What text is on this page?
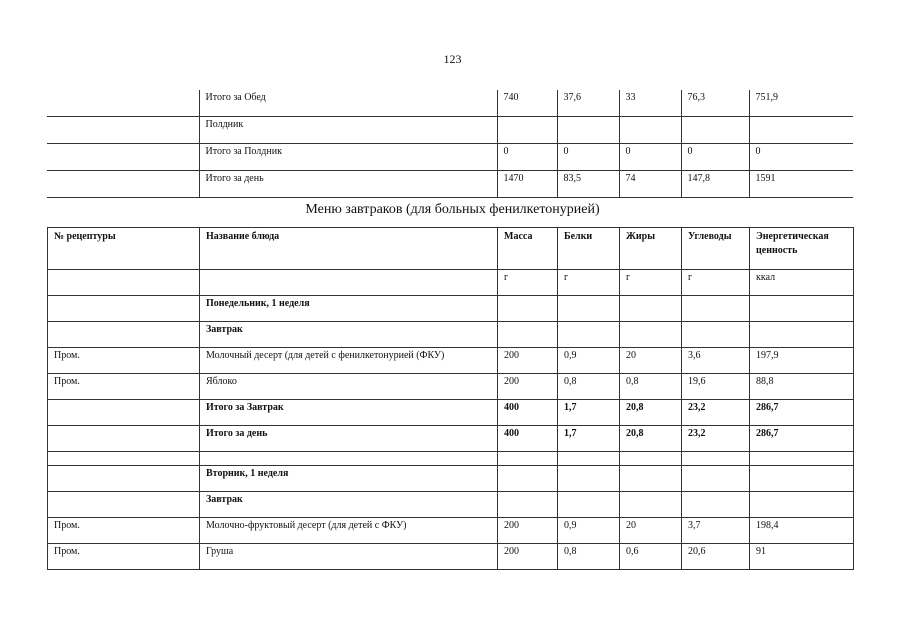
123
	Итого за Обед	740	37,6	33	76,3	751,9
	Полдник					
	Итого за Полдник	0	0	0	0	0
	Итого за день	1470	83,5	74	147,8	1591
Меню завтраков (для больных фенилкетонурией)
№ рецептуры	Название блюда	Масса	Белки	Жиры	Углеводы	Энергетическая ценность
		г	г	г	г	ккал
	Понедельник, 1 неделя					
	Завтрак					
Пром.	Молочный десерт (для детей с фенилкетонурией (ФКУ)	200	0,9	20	3,6	197,9
Пром.	Яблоко	200	0,8	0,8	19,6	88,8
	Итого за Завтрак	400	1,7	20,8	23,2	286,7
	Итого за день	400	1,7	20,8	23,2	286,7

	Вторник, 1 неделя					
	Завтрак					
Пром.	Молочно-фруктовый десерт (для детей с ФКУ)	200	0,9	20	3,7	198,4
Пром.	Груша	200	0,8	0,6	20,6	91
